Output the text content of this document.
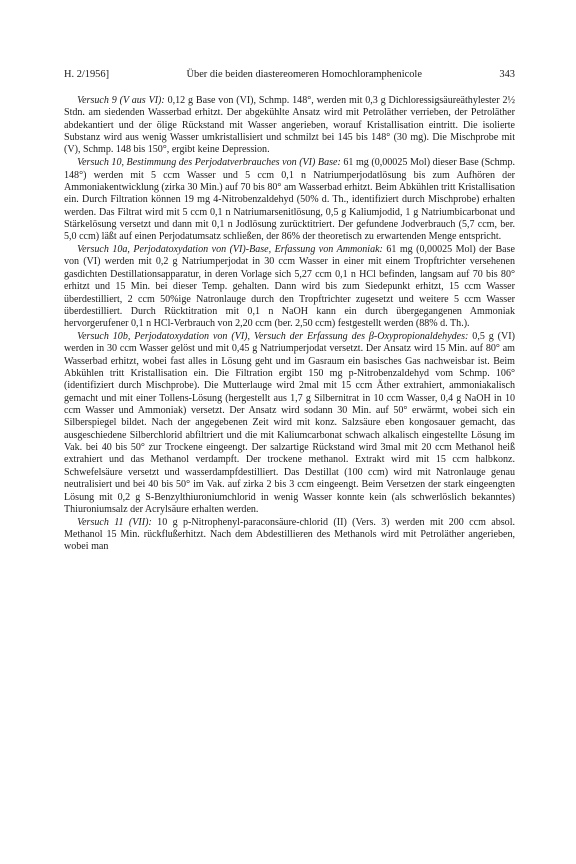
H. 2/1956]	Über die beiden diastereomeren Homochloramphenicole	343

Versuch 9 (V aus VI): 0,12 g Base von (VI), Schmp. 148°, werden mit 0,3 g Dichloressigsäureäthylester 2½ Stdn. am siedenden Wasserbad erhitzt. Der abgekühlte Ansatz wird mit Petroläther verrieben, der Petroläther abdekantiert und der ölige Rückstand mit Wasser angerieben, worauf Kristallisation eintritt. Die isolierte Substanz wird aus wenig Wasser umkristallisiert und schmilzt bei 145 bis 148° (30 mg). Die Mischprobe mit (V), Schmp. 148 bis 150°, ergibt keine Depression.

Versuch 10, Bestimmung des Perjodatverbrauches von (VI) Base: 61 mg (0,00025 Mol) dieser Base (Schmp. 148°) werden mit 5 ccm Wasser und 5 ccm 0,1 n Natriumperjodatlösung bis zum Aufhören der Ammoniakentwicklung (zirka 30 Min.) auf 70 bis 80° am Wasserbad erhitzt. Beim Abkühlen tritt Kristallisation ein. Durch Filtration können 19 mg 4-Nitrobenzaldehyd (50% d. Th., identifiziert durch Mischprobe) erhalten werden. Das Filtrat wird mit 5 ccm 0,1 n Natriumarsenitlösung, 0,5 g Kaliumjodid, 1 g Natriumbicarbonat und Stärkelösung versetzt und dann mit 0,1 n Jodlösung zurücktitriert. Der gefundene Jodverbrauch (5,7 ccm, ber. 5,0 ccm) läßt auf einen Perjodatumsatz schließen, der 86% der theoretisch zu erwartenden Menge entspricht.

Versuch 10a, Perjodatoxydation von (VI)-Base, Erfassung von Ammoniak: 61 mg (0,00025 Mol) der Base von (VI) werden mit 0,2 g Natriumperjodat in 30 ccm Wasser in einer mit einem Tropftrichter versehenen gasdichten Destillationsapparatur, in deren Vorlage sich 5,27 ccm 0,1 n HCl befinden, langsam auf 70 bis 80° erhitzt und 15 Min. bei dieser Temp. gehalten. Dann wird bis zum Siedepunkt erhitzt, 15 ccm Wasser überdestilliert, 2 ccm 50%ige Natronlauge durch den Tropftrichter zugesetzt und weitere 5 ccm Wasser überdestilliert. Durch Rücktitration mit 0,1 n NaOH kann ein durch übergegangenen Ammoniak hervorgerufener 0,1 n HCl-Verbrauch von 2,20 ccm (ber. 2,50 ccm) festgestellt werden (88% d. Th.).

Versuch 10b, Perjodatoxydation von (VI), Versuch der Erfassung des β-Oxypropionaldehydes: 0,5 g (VI) werden in 30 ccm Wasser gelöst und mit 0,45 g Natriumperjodat versetzt. Der Ansatz wird 15 Min. auf 80° am Wasserbad erhitzt, wobei fast alles in Lösung geht und im Gasraum ein basisches Gas nachweisbar ist. Beim Abkühlen tritt Kristallisation ein. Die Filtration ergibt 150 mg p-Nitrobenzaldehyd vom Schmp. 106° (identifiziert durch Mischprobe). Die Mutterlauge wird 2mal mit 15 ccm Äther extrahiert, ammoniakalisch gemacht und mit einer Tollens-Lösung (hergestellt aus 1,7 g Silbernitrat in 10 ccm Wasser, 0,4 g NaOH in 10 ccm Wasser und Ammoniak) versetzt. Der Ansatz wird sodann 30 Min. auf 50° erwärmt, wobei sich ein Silberspiegel bildet. Nach der angegebenen Zeit wird mit konz. Salzsäure eben kongosauer gemacht, das ausgeschiedene Silberchlorid abfiltriert und die mit Kaliumcarbonat schwach alkalisch eingestellte Lösung im Vak. bei 40 bis 50° zur Trockene eingeengt. Der salzartige Rückstand wird 3mal mit 20 ccm Methanol heiß extrahiert und das Methanol verdampft. Der trockene methanol. Extrakt wird mit 15 ccm halbkonz. Schwefelsäure versetzt und wasserdampfdestilliert. Das Destillat (100 ccm) wird mit Natronlauge genau neutralisiert und bei 40 bis 50° im Vak. auf zirka 2 bis 3 ccm eingeengt. Beim Versetzen der stark eingeengten Lösung mit 0,2 g S-Benzylthiuroniumchlorid in wenig Wasser konnte kein (als schwerlöslich bekanntes) Thiuroniumsalz der Acrylsäure erhalten werden.

Versuch 11 (VII): 10 g p-Nitrophenyl-paraconsäure-chlorid (II) (Vers. 3) werden mit 200 ccm absol. Methanol 15 Min. rückflußerhitzt. Nach dem Abdestillieren des Methanols wird mit Petroläther angerieben, wobei man
